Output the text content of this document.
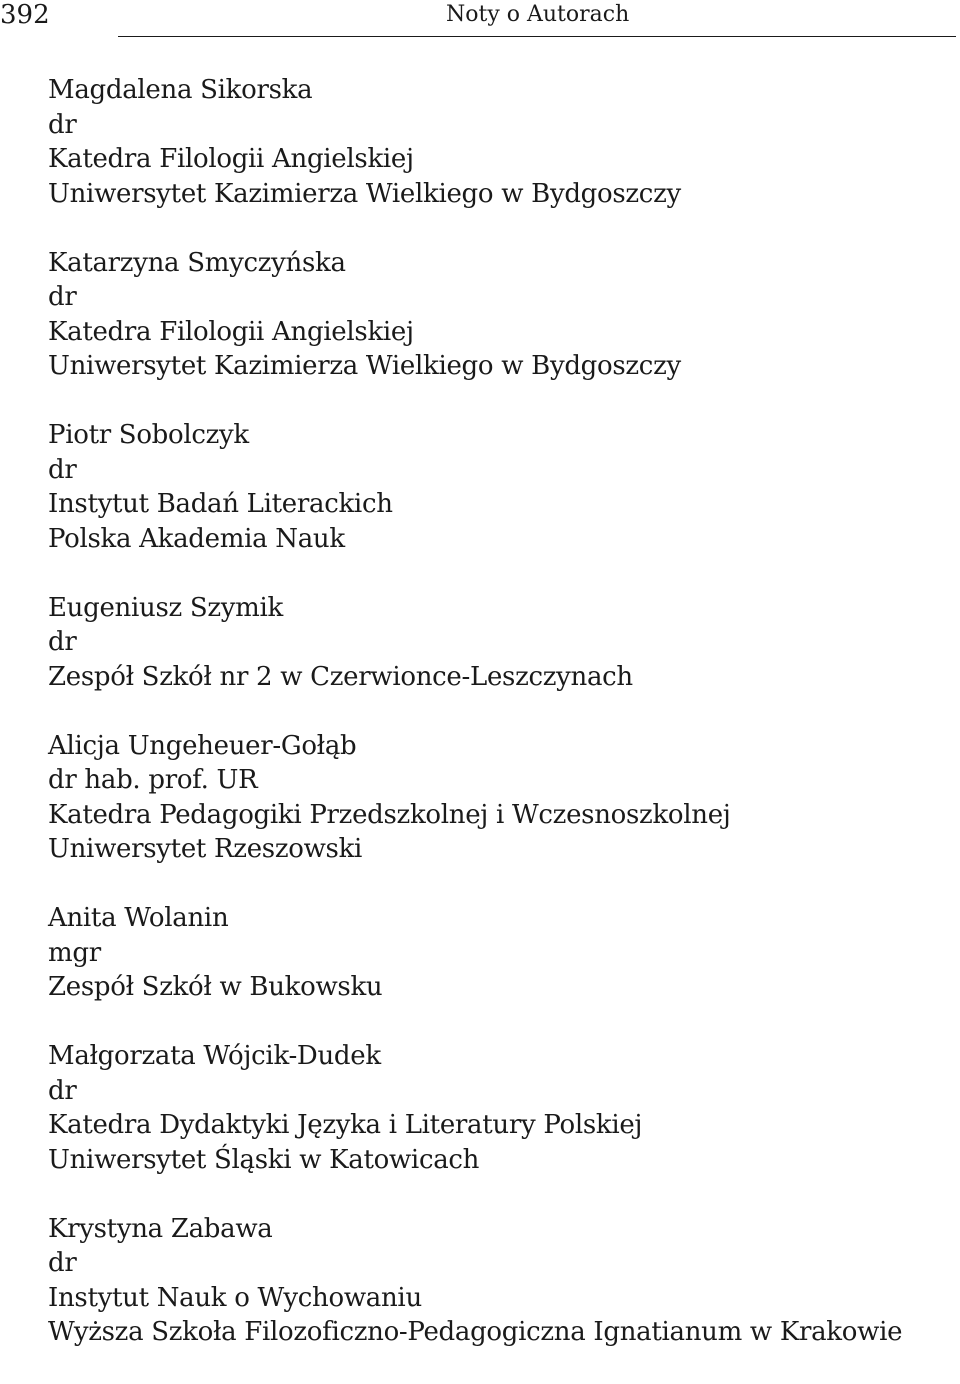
392	Noty o Autorach
Magdalena Sikorska
dr
Katedra Filologii Angielskiej
Uniwersytet Kazimierza Wielkiego w Bydgoszczy
Katarzyna Smyczyńska
dr
Katedra Filologii Angielskiej
Uniwersytet Kazimierza Wielkiego w Bydgoszczy
Piotr Sobolczyk
dr
Instytut Badań Literackich
Polska Akademia Nauk
Eugeniusz Szymik
dr
Zespół Szkół nr 2 w Czerwionce-Leszczynach
Alicja Ungeheuer-Gołąb
dr hab. prof. UR
Katedra Pedagogiki Przedszkolnej i Wczesnoszkolnej
Uniwersytet Rzeszowski
Anita Wolanin
mgr
Zespół Szkół w Bukowsku
Małgorzata Wójcik-Dudek
dr
Katedra Dydaktyki Języka i Literatury Polskiej
Uniwersytet Śląski w Katowicach
Krystyna Zabawa
dr
Instytut Nauk o Wychowaniu
Wyższa Szkoła Filozoficzno-Pedagogiczna Ignatianum w Krakowie
